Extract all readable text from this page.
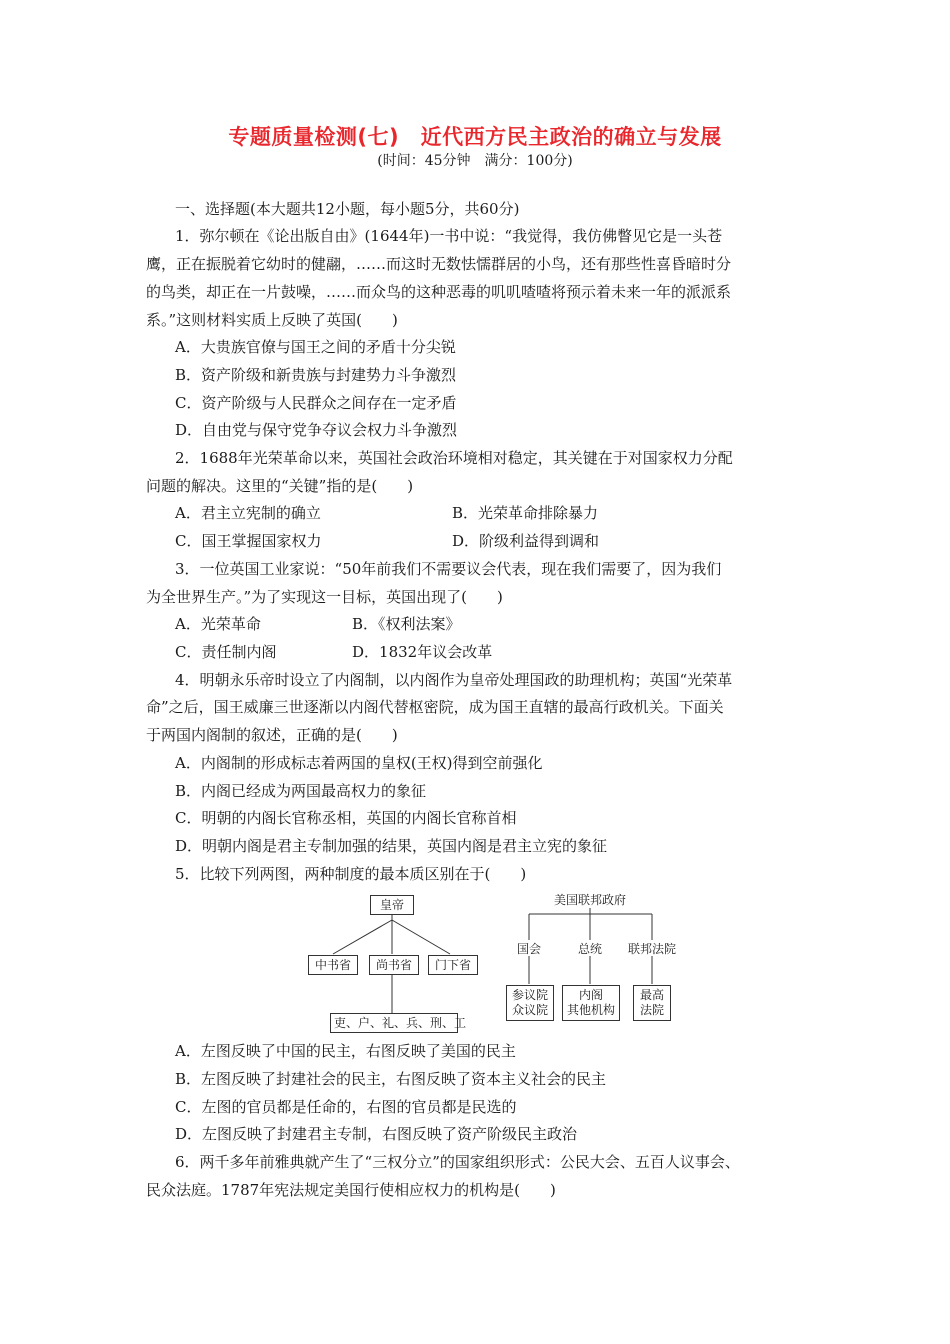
专题质量检测(七)　近代西方民主政治的确立与发展
(时间：45分钟　满分：100分)
一、选择题(本大题共12小题，每小题5分，共60分)
1．弥尔顿在《论出版自由》(1644年)一书中说：“我觉得，我仿佛瞥见它是一头苍
鹰，正在振脱着它幼时的健翮，……而这时无数怯懦群居的小鸟，还有那些性喜昏暗时分
的鸟类，却正在一片鼓噪，……而众鸟的这种恶毒的叽叽喳喳将预示着未来一年的派派系
系。”这则材料实质上反映了英国(　　)
A．大贵族官僚与国王之间的矛盾十分尖锐
B．资产阶级和新贵族与封建势力斗争激烈
C．资产阶级与人民群众之间存在一定矛盾
D．自由党与保守党争夺议会权力斗争激烈
2．1688年光荣革命以来，英国社会政治环境相对稳定，其关键在于对国家权力分配
问题的解决。这里的“关键”指的是(　　)
A．君主立宪制的确立	B．光荣革命排除暴力
C．国王掌握国家权力	D．阶级利益得到调和
3．一位英国工业家说：“50年前我们不需要议会代表，现在我们需要了，因为我们
为全世界生产。”为了实现这一目标，英国出现了(　　)
A．光荣革命	B．《权利法案》
C．责任制内阁	D．1832年议会改革
4．明朝永乐帝时设立了内阁制，以内阁作为皇帝处理国政的助理机构；英国“光荣革
命”之后，国王威廉三世逐渐以内阁代替枢密院，成为国王直辖的最高行政机关。下面关
于两国内阁制的叙述，正确的是(　　)
A．内阁制的形成标志着两国的皇权(王权)得到空前强化
B．内阁已经成为两国最高权力的象征
C．明朝的内阁长官称丞相，英国的内阁长官称首相
D．明朝内阁是君主专制加强的结果，英国内阁是君主立宪的象征
5．比较下列两图，两种制度的最本质区别在于(　　)
皇帝
中书省	尚书省	门下省
吏、户、礼、兵、刑、工
美国联邦政府
国会	总统	联邦法院
参议院
众议院
内阁
其他机构
最高
法院
A．左图反映了中国的民主，右图反映了美国的民主
B．左图反映了封建社会的民主，右图反映了资本主义社会的民主
C．左图的官员都是任命的，右图的官员都是民选的
D．左图反映了封建君主专制，右图反映了资产阶级民主政治
6．两千多年前雅典就产生了“三权分立”的国家组织形式：公民大会、五百人议事会、
民众法庭。1787年宪法规定美国行使相应权力的机构是(　　)
